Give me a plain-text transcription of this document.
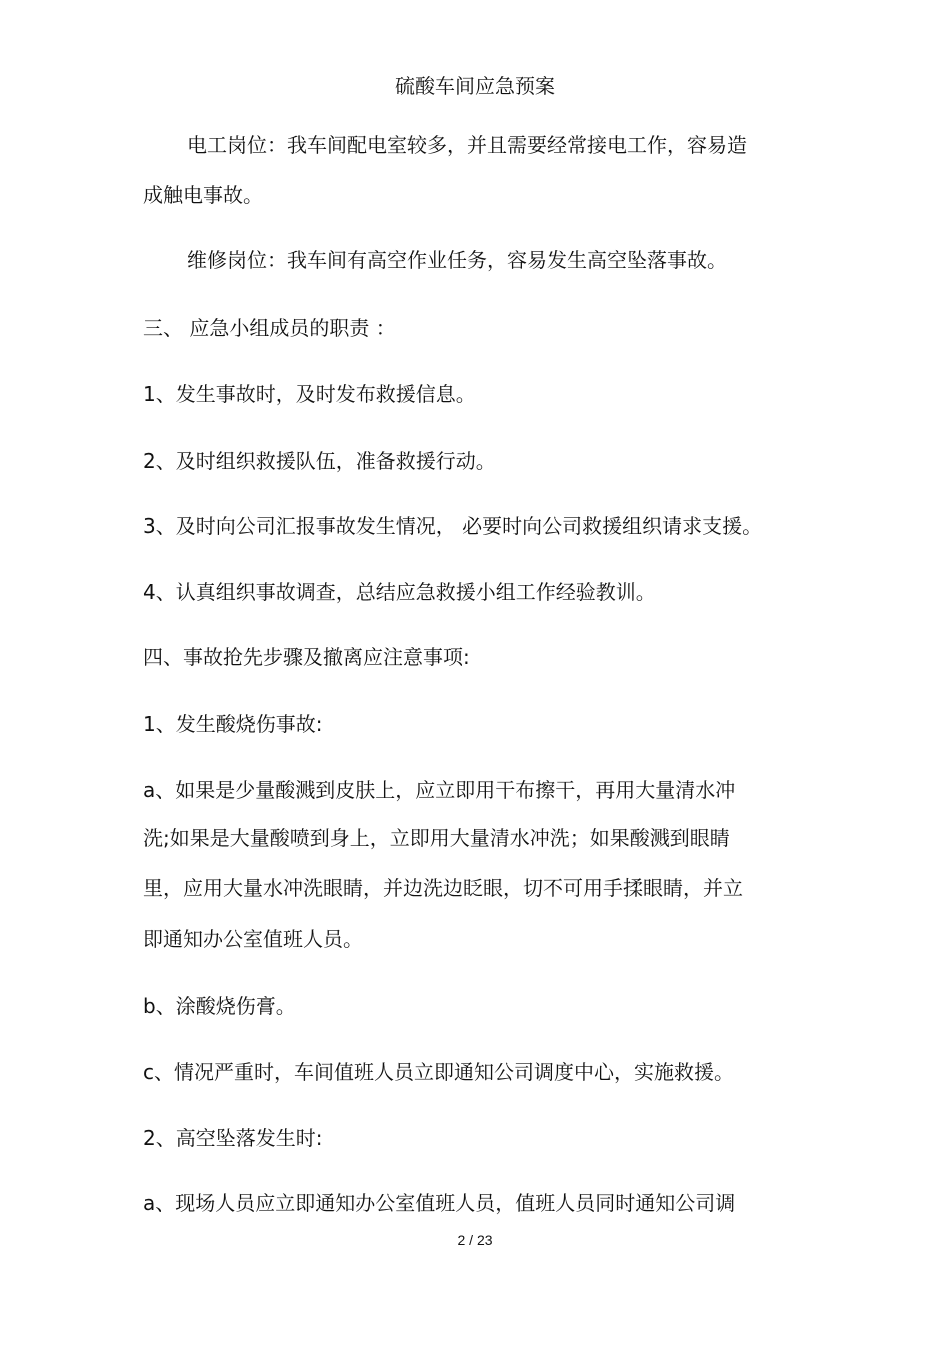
硫酸车间应急预案
电工岗位：我车间配电室较多，并且需要经常接电工作，容易造
成触电事故。
维修岗位：我车间有高空作业任务，容易发生高空坠落事故。
三、 应急小组成员的职责 ：
1、发生事故时，及时发布救援信息。
2、及时组织救援队伍，准备救援行动。
3、及时向公司汇报事故发生情况， 必要时向公司救援组织请求支援。
4、认真组织事故调查，总结应急救援小组工作经验教训。
四、事故抢先步骤及撤离应注意事项:
1、发生酸烧伤事故:
a、如果是少量酸溅到皮肤上，应立即用干布擦干，再用大量清水冲
洗;如果是大量酸喷到身上，立即用大量清水冲洗；如果酸溅到眼睛
里，应用大量水冲洗眼睛，并边洗边眨眼，切不可用手揉眼睛，并立
即通知办公室值班人员。
b、涂酸烧伤膏。
c、情况严重时，车间值班人员立即通知公司调度中心，实施救援。
2、高空坠落发生时:
a、现场人员应立即通知办公室值班人员，值班人员同时通知公司调
2 / 23
